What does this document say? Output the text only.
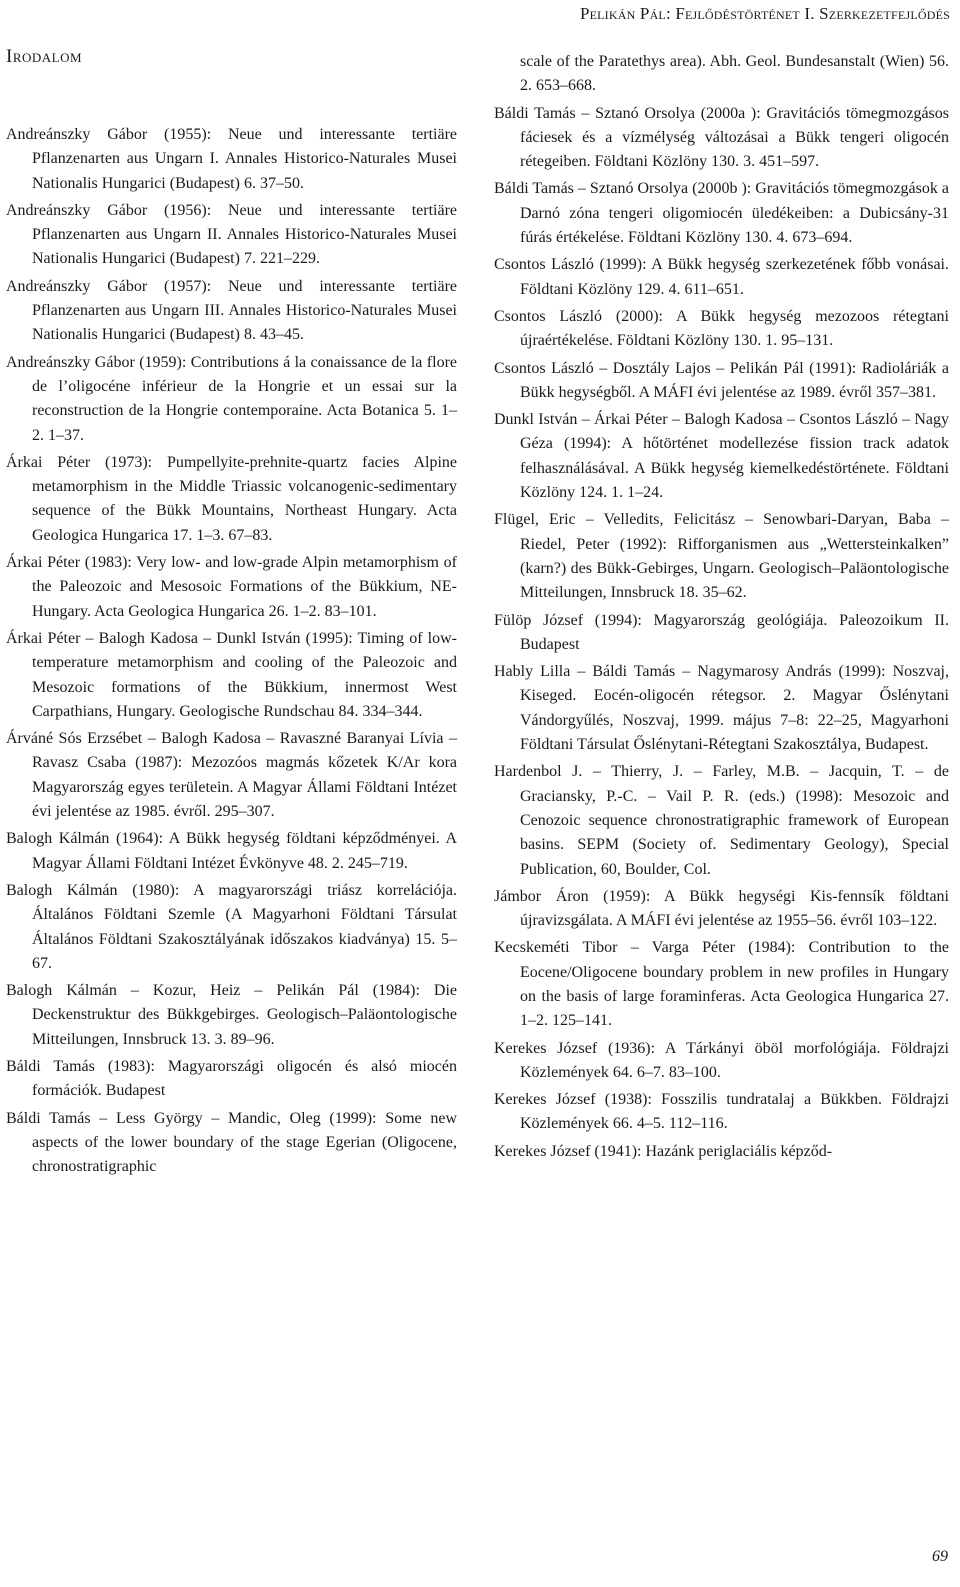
Pelikán Pál: Fejlődéstörténet I. Szerkezetfejlődés
Irodalom

Andreánszky Gábor (1955): Neue und interessante tertiäre Pflanzenarten aus Ungarn I. Annales Historico-Naturales Musei Nationalis Hungarici (Budapest) 6. 37–50.

Andreánszky Gábor (1956): Neue und interessante tertiäre Pflanzenarten aus Ungarn II. Annales Historico-Naturales Musei Nationalis Hungarici (Budapest) 7. 221–229.

Andreánszky Gábor (1957): Neue und interessante tertiäre Pflanzenarten aus Ungarn III. Annales Historico-Naturales Musei Nationalis Hungarici (Budapest) 8. 43–45.

Andreánszky Gábor (1959): Contributions á la conaissance de la flore de l’oligocéne inférieur de la Hongrie et un essai sur la reconstruction de la Hongrie contemporaine. Acta Botanica 5. 1–2. 1–37.

Árkai Péter (1973): Pumpellyite-prehnite-quartz facies Alpine metamorphism in the Middle Triassic volcanogenic-sedimentary sequence of the Bükk Mountains, Northeast Hungary. Acta Geologica Hungarica 17. 1–3. 67–83.

Árkai Péter (1983): Very low- and low-grade Alpin metamorphism of the Paleozoic and Mesosoic Formations of the Bükkium, NE-Hungary. Acta Geologica Hungarica 26. 1–2. 83–101.

Árkai Péter – Balogh Kadosa – Dunkl István (1995): Timing of low-temperature metamorphism and cooling of the Paleozoic and Mesozoic formations of the Bükkium, innermost West Carpathians, Hungary. Geologische Rundschau 84. 334–344.

Árváné Sós Erzsébet – Balogh Kadosa – Ravaszné Baranyai Lívia – Ravasz Csaba (1987): Mezozóos magmás kőzetek K/Ar kora Magyarország egyes területein. A Magyar Állami Földtani Intézet évi jelentése az 1985. évről. 295–307.

Balogh Kálmán (1964): A Bükk hegység földtani képződményei. A Magyar Állami Földtani Intézet Évkönyve 48. 2. 245–719.

Balogh Kálmán (1980): A magyarországi triász korrelációja. Általános Földtani Szemle (A Magyarhoni Földtani Társulat Általános Földtani Szakosztályának időszakos kiadványa) 15. 5–67.

Balogh Kálmán – Kozur, Heiz – Pelikán Pál (1984): Die Deckenstruktur des Bükkgebirges. Geologisch–Paläontologische Mitteilungen, Innsbruck 13. 3. 89–96.

Báldi Tamás (1983): Magyarországi oligocén és alsó miocén formációk. Budapest

Báldi Tamás – Less György – Mandic, Oleg (1999): Some new aspects of the lower boundary of the stage Egerian (Oligocene, chronostratigraphic

scale of the Paratethys area). Abh. Geol. Bundesanstalt (Wien) 56. 2. 653–668.

Báldi Tamás – Sztanó Orsolya (2000a ): Gravitációs tömegmozgásos fáciesek és a vízmélység változásai a Bükk tengeri oligocén rétegeiben. Földtani Közlöny 130. 3. 451–597.

Báldi Tamás – Sztanó Orsolya (2000b ): Gravitációs tömegmozgások a Darnó zóna tengeri oligomiocén üledékeiben: a Dubicsány-31 fúrás értékelése. Földtani Közlöny 130. 4. 673–694.

Csontos László (1999): A Bükk hegység szerkezetének főbb vonásai. Földtani Közlöny 129. 4. 611–651.

Csontos László (2000): A Bükk hegység mezozoos rétegtani újraértékelése. Földtani Közlöny 130. 1. 95–131.

Csontos László – Dosztály Lajos – Pelikán Pál (1991): Radioláriák a Bükk hegységből. A MÁFI évi jelentése az 1989. évről 357–381.

Dunkl István – Árkai Péter – Balogh Kadosa – Csontos László – Nagy Géza (1994): A hőtörténet modellezése fission track adatok felhasználásával. A Bükk hegység kiemelkedéstörténete. Földtani Közlöny 124. 1. 1–24.

Flügel, Eric – Velledits, Felicitász – Senowbari-Daryan, Baba – Riedel, Peter (1992): Rifforganismen aus „Wettersteinkalken” (karn?) des Bükk-Gebirges, Ungarn. Geologisch–Paläontologische Mitteilungen, Innsbruck 18. 35–62.

Fülöp József (1994): Magyarország geológiája. Paleozoikum II. Budapest

Hably Lilla – Báldi Tamás – Nagymarosy András (1999): Noszvaj, Kiseged. Eocén-oligocén rétegsor. 2. Magyar Őslénytani Vándorgyűlés, Noszvaj, 1999. május 7–8: 22–25, Magyarhoni Földtani Társulat Őslénytani-Rétegtani Szakosztálya, Budapest.

Hardenbol J. – Thierry, J. – Farley, M.B. – Jacquin, T. – de Graciansky, P.-C. – Vail P. R. (eds.) (1998): Mesozoic and Cenozoic sequence chronostratigraphic framework of European basins. SEPM (Society of. Sedimentary Geology), Special Publication, 60, Boulder, Col.

Jámbor Áron (1959): A Bükk hegységi Kis-fennsík földtani újravizsgálata. A MÁFI évi jelentése az 1955–56. évről 103–122.

Kecskeméti Tibor – Varga Péter (1984): Contribution to the Eocene/Oligocene boundary problem in new profiles in Hungary on the basis of large foraminferas. Acta Geologica Hungarica 27. 1–2. 125–141.

Kerekes József (1936): A Tárkányi öböl morfológiája. Földrajzi Közlemények 64. 6–7. 83–100.

Kerekes József (1938): Fosszilis tundratalaj a Bükkben. Földrajzi Közlemények 66. 4–5. 112–116.

Kerekes József (1941): Hazánk periglaciális képződ-

69
